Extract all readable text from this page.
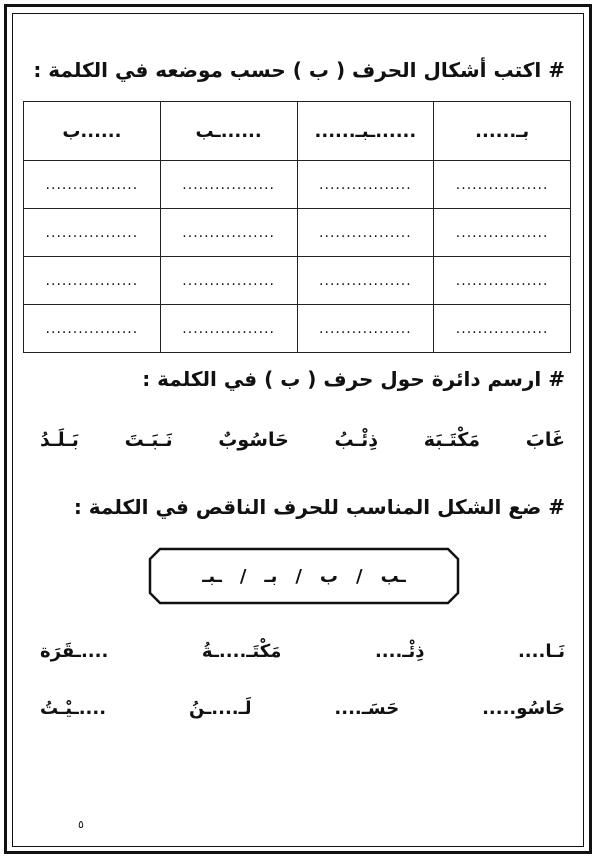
# اكتب أشكال الحرف ( ب ) حسب موضعه في الكلمة :
بـ......	......ـبـ......	......ـب	......ب
.................	.................	.................	.................
.................	.................	.................	.................
.................	.................	.................	.................
.................	.................	.................	.................
# ارسم دائرة حول حرف ( ب ) في الكلمة :
بَـلَـدُ نَـبَـتَ حَاسُوبٌ ذِئْـبُ مَكْتَـبَة غَابَ
# ضع الشكل المناسب للحرف الناقص في الكلمة :
ـبـ / بـ / ب / ـب
....ـقَرَة	مَكْتَـ....ـةُ	ذِئْـ....	نَـا....
....ـيْـتُ	لَـ....ـنُ	حَسَـ....	حَاسُو.....
٥
